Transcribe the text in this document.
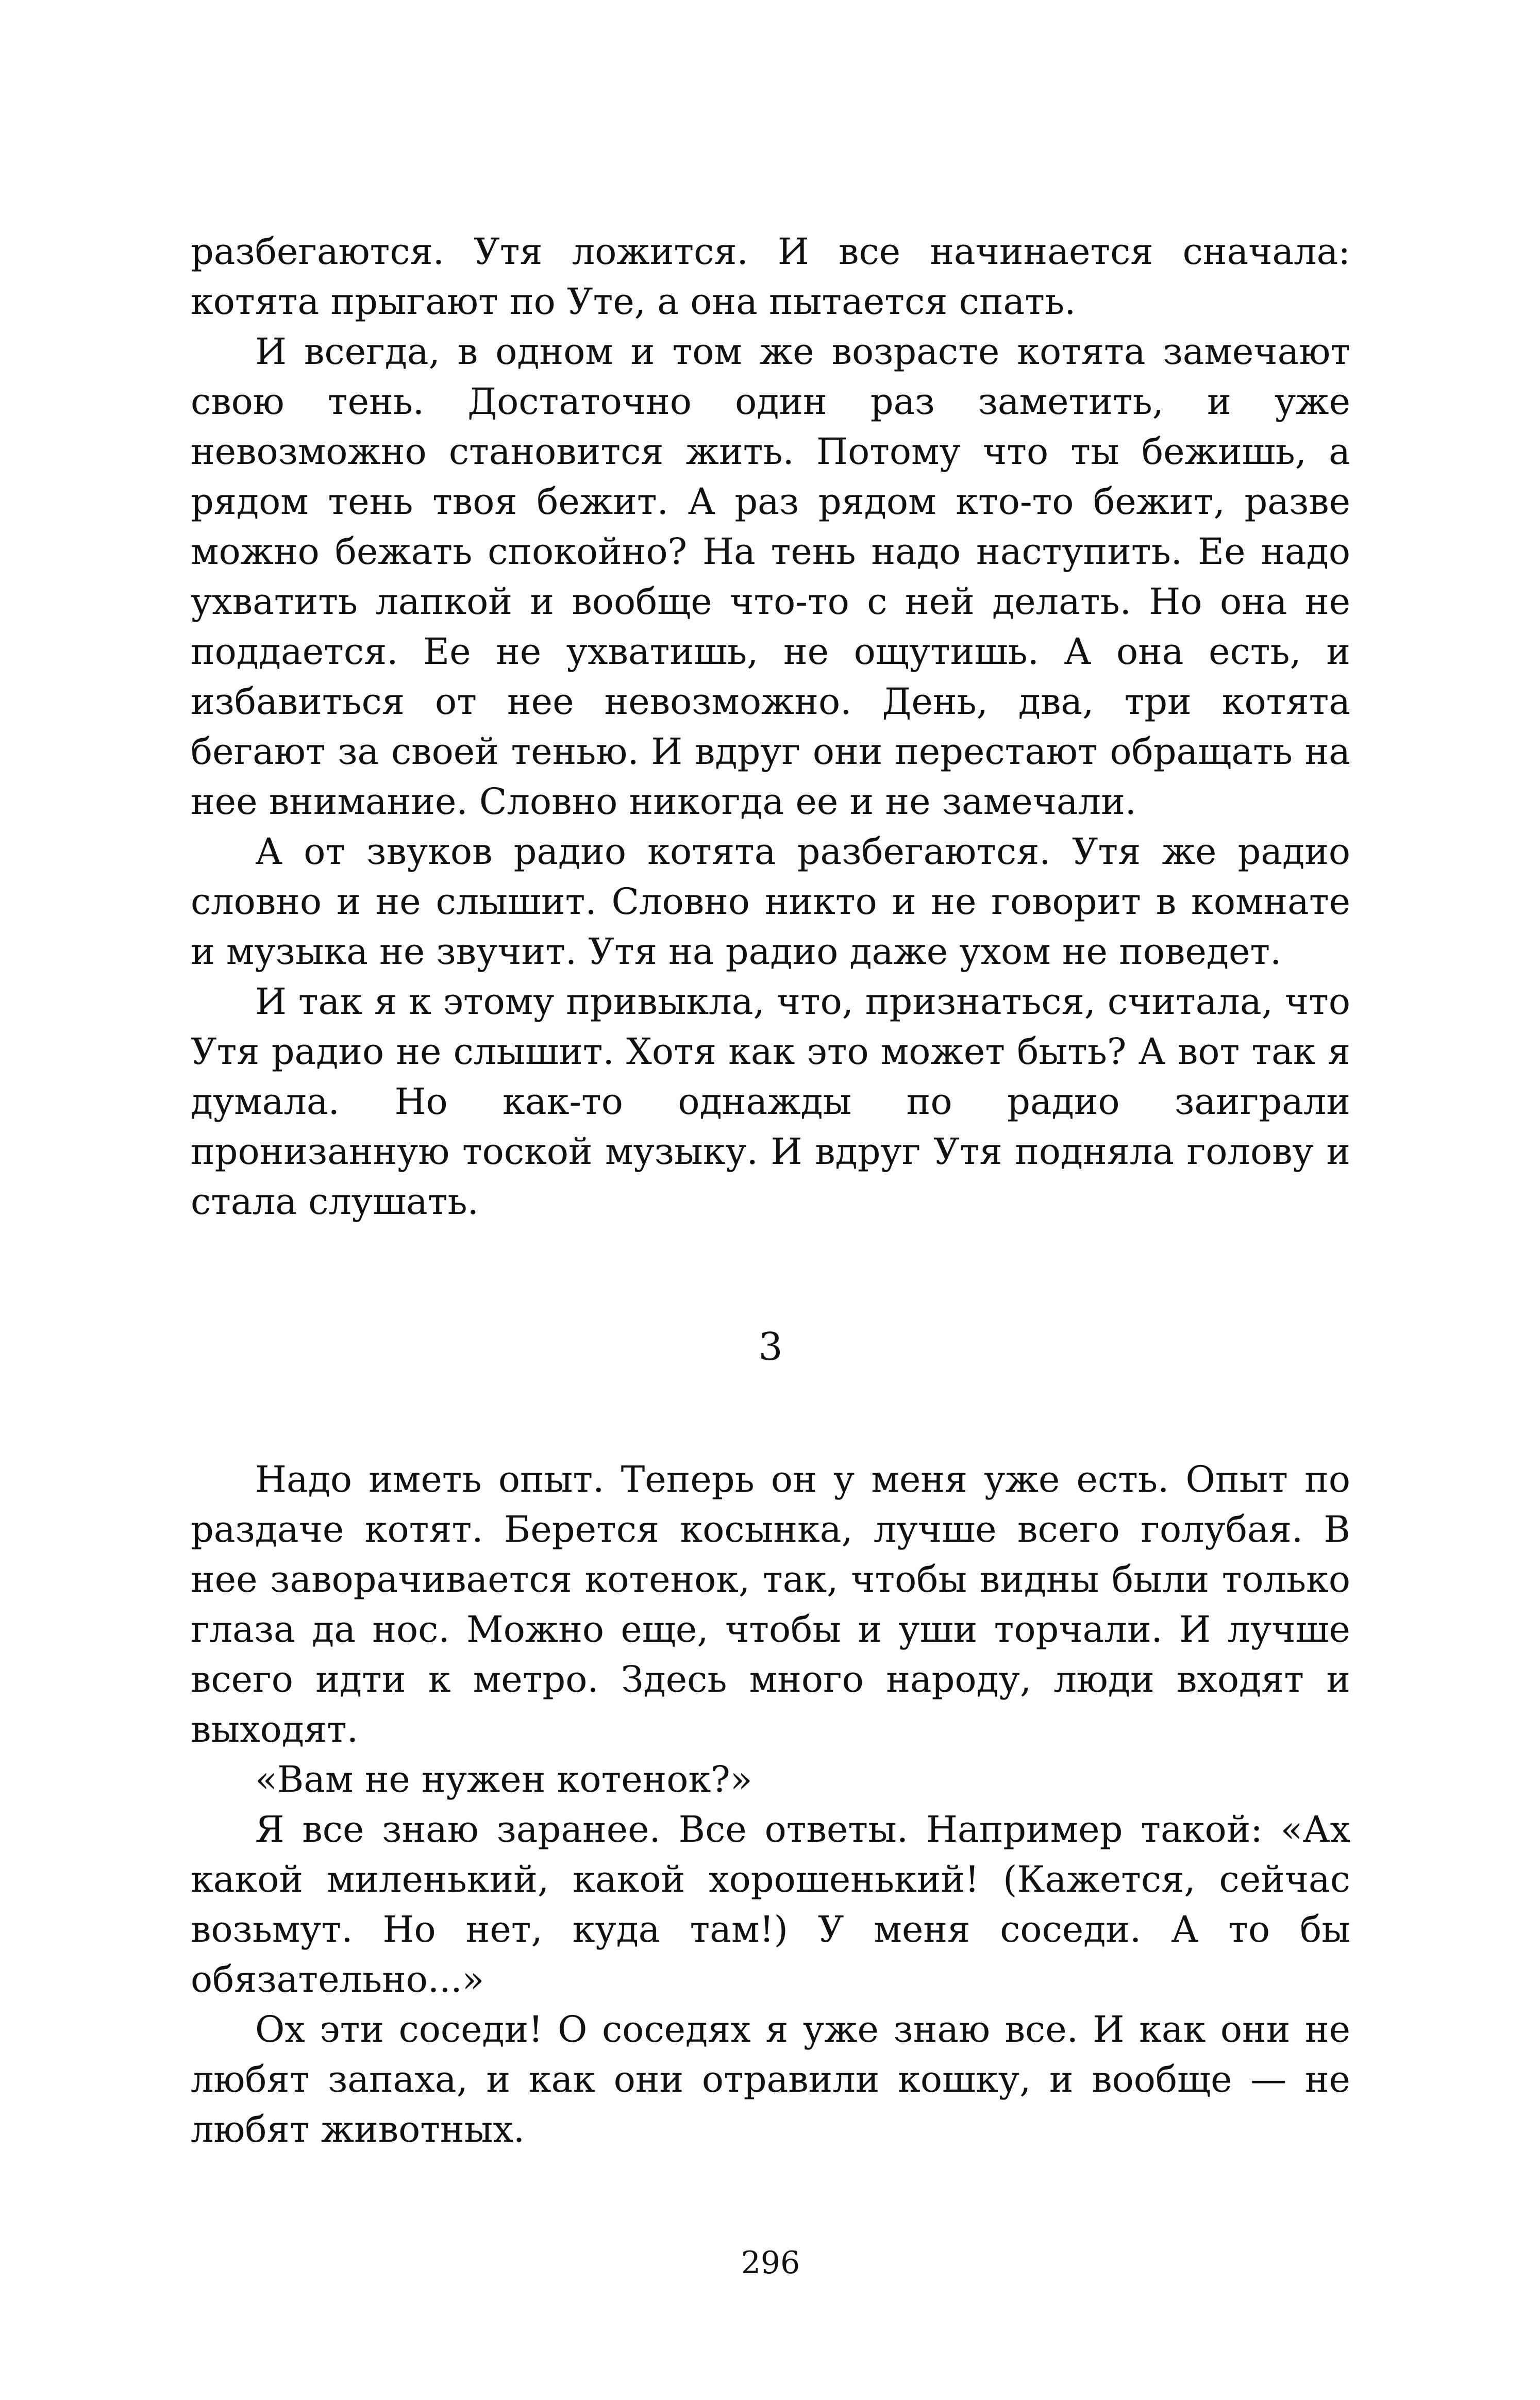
разбегаются. Утя ложится. И все начинается сначала: котята прыгают по Уте, а она пытается спать.

И всегда, в одном и том же возрасте котята замечают свою тень. Достаточно один раз заметить, и уже невозможно становится жить. Потому что ты бежишь, а рядом тень твоя бежит. А раз рядом кто-то бежит, разве можно бежать спокойно? На тень надо наступить. Ее надо ухватить лапкой и вообще что-то с ней делать. Но она не поддается. Ее не ухватишь, не ощутишь. А она есть, и избавиться от нее невозможно. День, два, три котята бегают за своей тенью. И вдруг они перестают обращать на нее внимание. Словно никогда ее и не замечали.

А от звуков радио котята разбегаются. Утя же радио словно и не слышит. Словно никто и не говорит в комнате и музыка не звучит. Утя на радио даже ухом не поведет.

И так я к этому привыкла, что, признаться, считала, что Утя радио не слышит. Хотя как это может быть? А вот так я думала. Но как-то однажды по радио заиграли пронизанную тоской музыку. И вдруг Утя подняла голову и стала слушать.

3

Надо иметь опыт. Теперь он у меня уже есть. Опыт по раздаче котят. Берется косынка, лучше всего голубая. В нее заворачивается котенок, так, чтобы видны были только глаза да нос. Можно еще, чтобы и уши торчали. И лучше всего идти к метро. Здесь много народу, люди входят и выходят.

«Вам не нужен котенок?»

Я все знаю заранее. Все ответы. Например такой: «Ах какой миленький, какой хорошенький! (Кажется, сейчас возьмут. Но нет, куда там!) У меня соседи. А то бы обязательно...»

Ох эти соседи! О соседях я уже знаю все. И как они не любят запаха, и как они отравили кошку, и вообще — не любят животных.

296
